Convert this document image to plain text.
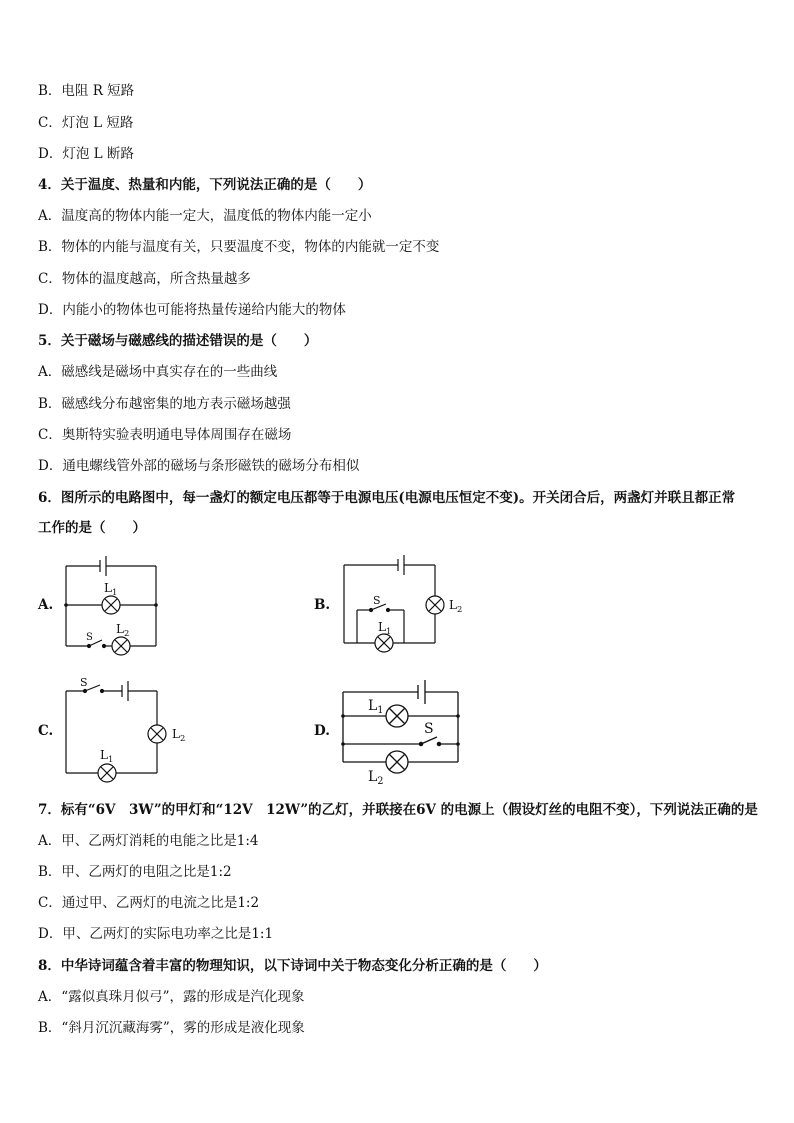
B．电阻 R 短路
C．灯泡 L 短路
D．灯泡 L 断路
4．关于温度、热量和内能，下列说法正确的是（　　）
A．温度高的物体内能一定大，温度低的物体内能一定小
B．物体的内能与温度有关，只要温度不变，物体的内能就一定不变
C．物体的温度越高，所含热量越多
D．内能小的物体也可能将热量传递给内能大的物体
5．关于磁场与磁感线的描述错误的是（　　）
A．磁感线是磁场中真实存在的一些曲线
B．磁感线分布越密集的地方表示磁场越强
C．奥斯特实验表明通电导体周围存在磁场
D．通电螺线管外部的磁场与条形磁铁的磁场分布相似
6．图所示的电路图中，每一盏灯的额定电压都等于电源电压(电源电压恒定不变)。开关闭合后，两盏灯并联且都正常
工作的是（　　）
A.	B.
C.	D.
$L_1$
$L_2$
S
S
$L_1$
$L_2$
S
$L_2$
$L_1$
$L_1$
S
$L_2$
7．标有“6V　3W”的甲灯和“12V　12W”的乙灯，并联接在6V 的电源上（假设灯丝的电阻不变），下列说法正确的是
A．甲、乙两灯消耗的电能之比是1:4
B．甲、乙两灯的电阻之比是1:2
C．通过甲、乙两灯的电流之比是1:2
D．甲、乙两灯的实际电功率之比是1:1
8．中华诗词蕴含着丰富的物理知识，以下诗词中关于物态变化分析正确的是（　　）
A．“露似真珠月似弓”，露的形成是汽化现象
B．“斜月沉沉藏海雾”，雾的形成是液化现象
